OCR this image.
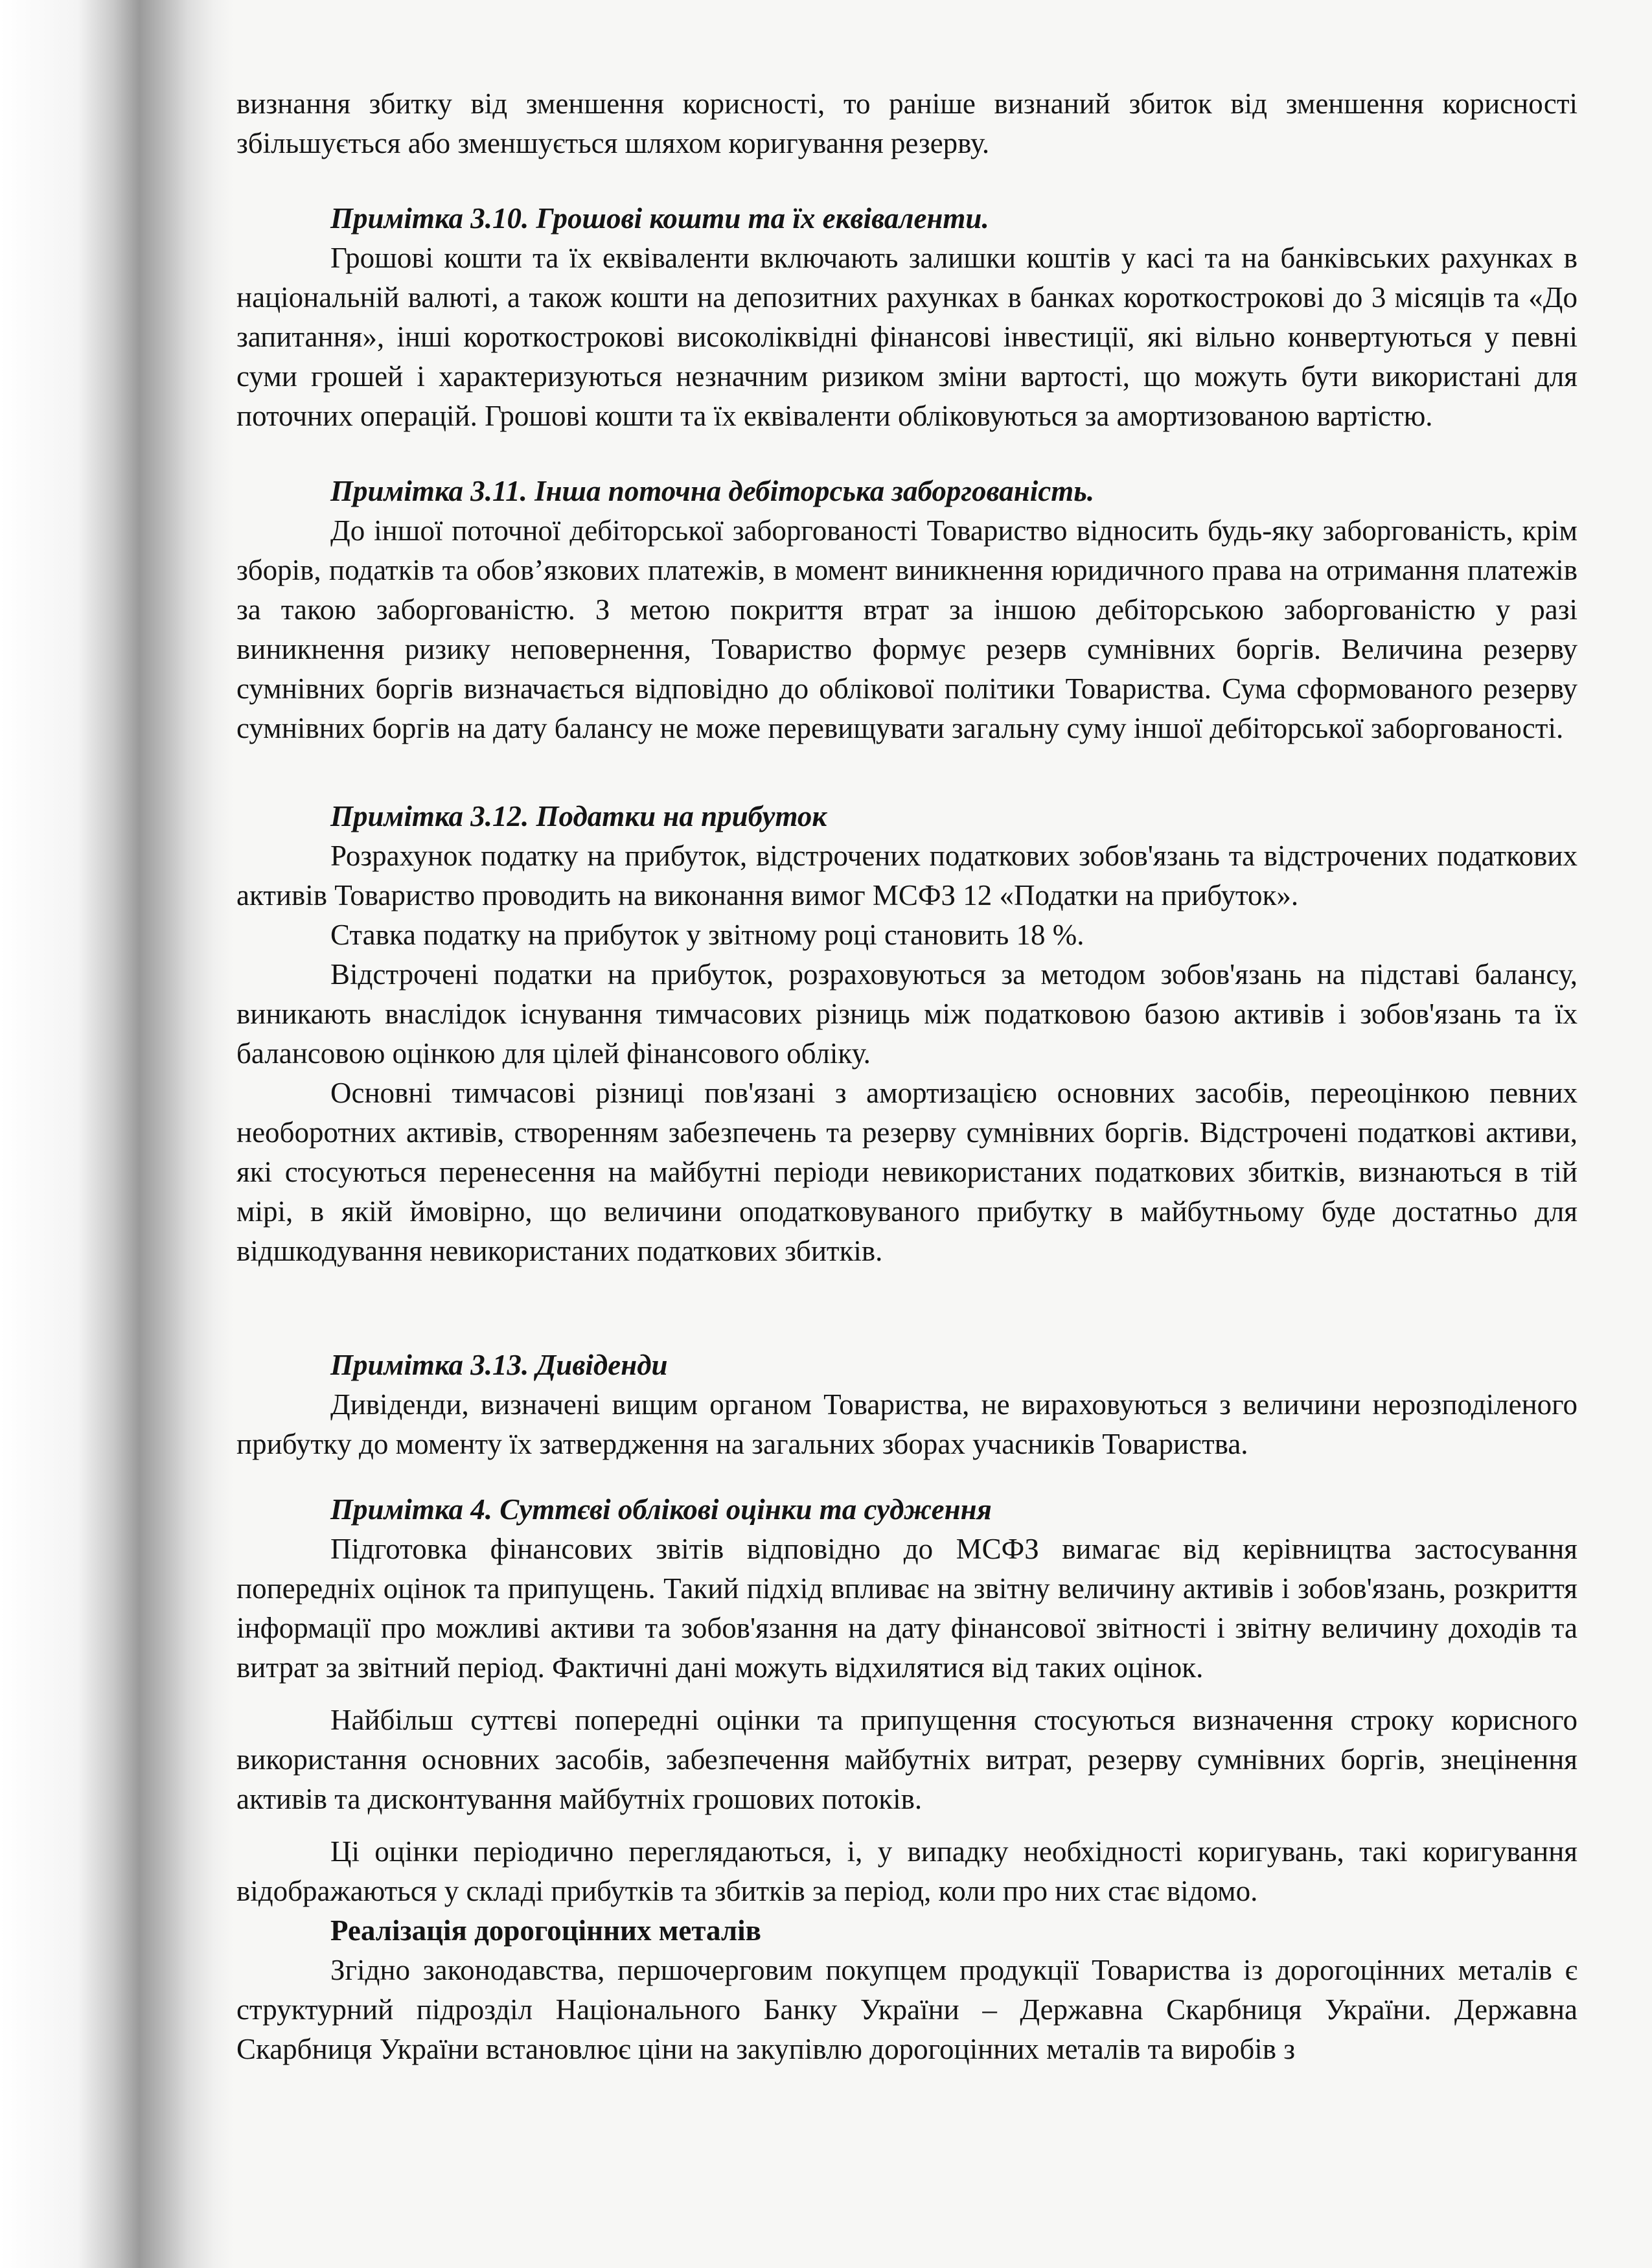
визнання збитку від зменшення корисності, то раніше визнаний збиток від зменшення корисності збільшується або зменшується шляхом коригування резерву.

Примітка 3.10. Грошові кошти та їх еквіваленти.

Грошові кошти та їх еквіваленти включають залишки коштів у касі та на банківських рахунках в національній валюті, а також кошти на депозитних рахунках в банках короткострокові до 3 місяців та «До запитання», інші короткострокові високоліквідні фінансові інвестиції, які вільно конвертуються у певні суми грошей і характеризуються незначним ризиком зміни вартості, що можуть бути використані для поточних операцій. Грошові кошти та їх еквіваленти обліковуються за амортизованою вартістю.

Примітка 3.11. Інша поточна дебіторська заборгованість.

До іншої поточної дебіторської заборгованості Товариство відносить будь-яку заборгованість, крім зборів, податків та обов’язкових платежів, в момент виникнення юридичного права на отримання платежів за такою заборгованістю. З метою покриття втрат за іншою дебіторською заборгованістю у разі виникнення ризику неповернення, Товариство формує резерв сумнівних боргів. Величина резерву сумнівних боргів визначається відповідно до облікової політики Товариства. Сума сформованого резерву сумнівних боргів на дату балансу не може перевищувати загальну суму іншої дебіторської заборгованості.

Примітка 3.12. Податки на прибуток

Розрахунок податку на прибуток, відстрочених податкових зобов'язань та відстрочених податкових активів Товариство проводить на виконання вимог МСФЗ 12 «Податки на прибуток».

Ставка податку на прибуток у звітному році становить 18 %.

Відстрочені податки на прибуток, розраховуються за методом зобов'язань на підставі балансу, виникають внаслідок існування тимчасових різниць між податковою базою активів і зобов'язань та їх балансовою оцінкою для цілей фінансового обліку.

Основні тимчасові різниці пов'язані з амортизацією основних засобів, переоцінкою певних необоротних активів, створенням забезпечень та резерву сумнівних боргів. Відстрочені податкові активи, які стосуються перенесення на майбутні періоди невикористаних податкових збитків, визнаються в тій мірі, в якій ймовірно, що величини оподатковуваного прибутку в майбутньому буде достатньо для відшкодування невикористаних податкових збитків.

Примітка 3.13. Дивіденди

Дивіденди, визначені вищим органом Товариства, не вираховуються з величини нерозподіленого прибутку до моменту їх затвердження на загальних зборах учасників Товариства.

Примітка 4. Суттєві облікові оцінки та судження

Підготовка фінансових звітів відповідно до МСФЗ вимагає від керівництва застосування попередніх оцінок та припущень. Такий підхід впливає на звітну величину активів і зобов'язань, розкриття інформації про можливі активи та зобов'язання на дату фінансової звітності і звітну величину доходів та витрат за звітний період. Фактичні дані можуть відхилятися від таких оцінок.

Найбільш суттєві попередні оцінки та припущення стосуються визначення строку корисного використання основних засобів, забезпечення майбутніх витрат, резерву сумнівних боргів, знецінення активів та дисконтування майбутніх грошових потоків.

Ці оцінки періодично переглядаються, і, у випадку необхідності коригувань, такі коригування відображаються у складі прибутків та збитків за період, коли про них стає відомо.

Реалізація дорогоцінних металів

Згідно законодавства, першочерговим покупцем продукції Товариства із дорогоцінних металів є структурний підрозділ Національного Банку України – Державна Скарбниця України. Державна Скарбниця України встановлює ціни на закупівлю дорогоцінних металів та виробів з
